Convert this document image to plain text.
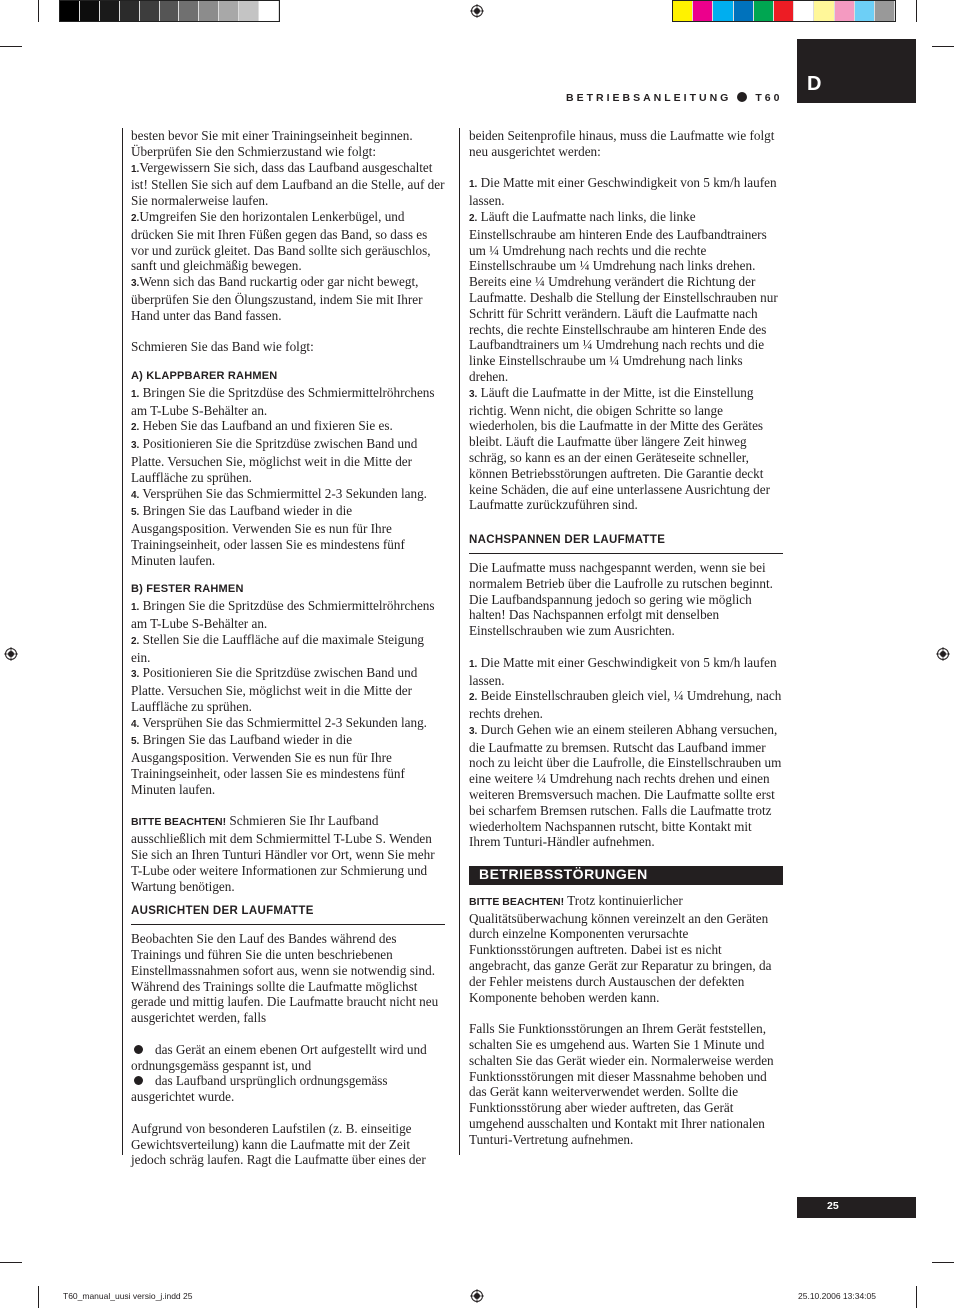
D
BETRIEBSANLEITUNG T60

besten bevor Sie mit einer Trainingseinheit beginnen. Überprüfen Sie den Schmierzustand wie folgt:

1.Vergewissern Sie sich, dass das Laufband ausgeschaltet ist! Stellen Sie sich auf dem Laufband an die Stelle, auf der Sie normalerweise laufen.

2.Umgreifen Sie den horizontalen Lenkerbügel, und drücken Sie mit Ihren Füßen gegen das Band, so dass es vor und zurück gleitet. Das Band sollte sich geräuschlos, sanft und gleichmäßig bewegen.

3.Wenn sich das Band ruckartig oder gar nicht bewegt, überprüfen Sie den Ölungszustand, indem Sie mit Ihrer Hand unter das Band fassen.

Schmieren Sie das Band wie folgt:

A) KLAPPBARER RAHMEN

1. Bringen Sie die Spritzdüse des Schmiermittelröhrchens am T-Lube S-Behälter an.

2. Heben Sie das Laufband an und fixieren Sie es.

3. Positionieren Sie die Spritzdüse zwischen Band und Platte. Versuchen Sie, möglichst weit in die Mitte der Lauffläche zu sprühen.

4. Versprühen Sie das Schmiermittel 2-3 Sekunden lang.

5. Bringen Sie das Laufband wieder in die Ausgangsposition. Verwenden Sie es nun für Ihre Trainingseinheit, oder lassen Sie es mindestens fünf Minuten laufen.

B) FESTER RAHMEN

1. Bringen Sie die Spritzdüse des Schmiermittelröhrchens am T-Lube S-Behälter an.

2. Stellen Sie die Lauffläche auf die maximale Steigung ein.

3. Positionieren Sie die Spritzdüse zwischen Band und Platte. Versuchen Sie, möglichst weit in die Mitte der Lauffläche zu sprühen.

4. Versprühen Sie das Schmiermittel 2-3 Sekunden lang.

5. Bringen Sie das Laufband wieder in die Ausgangsposition. Verwenden Sie es nun für Ihre Trainingseinheit, oder lassen Sie es mindestens fünf Minuten laufen.

BITTE BEACHTEN! Schmieren Sie Ihr Laufband ausschließlich mit dem Schmiermittel T-Lube S. Wenden Sie sich an Ihren Tunturi Händler vor Ort, wenn Sie mehr T-Lube oder weitere Informationen zur Schmierung und Wartung benötigen.

AUSRICHTEN DER LAUFMATTE

Beobachten Sie den Lauf des Bandes während des Trainings und führen Sie die unten beschriebenen Einstellmassnahmen sofort aus, wenn sie notwendig sind. Während des Trainings sollte die Laufmatte möglichst gerade und mittig laufen. Die Laufmatte braucht nicht neu ausgerichtet werden, falls

das Gerät an einem ebenen Ort aufgestellt wird und ordnungsgemäss gespannt ist, und

das Laufband ursprünglich ordnungsgemäss ausgerichtet wurde.

Aufgrund von besonderen Laufstilen (z. B. einseitige Gewichtsverteilung) kann die Laufmatte mit der Zeit jedoch schräg laufen. Ragt die Laufmatte über eines der

beiden Seitenprofile hinaus, muss die Laufmatte wie folgt neu ausgerichtet werden:

1. Die Matte mit einer Geschwindigkeit von 5 km/h laufen lassen.

2. Läuft die Laufmatte nach links, die linke Einstellschraube am hinteren Ende des Laufbandtrainers um ¼ Umdrehung nach rechts und die rechte Einstellschraube um ¼ Umdrehung nach links drehen. Bereits eine ¼ Umdrehung verändert die Richtung der Laufmatte. Deshalb die Stellung der Einstellschrauben nur Schritt für Schritt verändern. Läuft die Laufmatte nach rechts, die rechte Einstellschraube am hinteren Ende des Laufbandtrainers um ¼ Umdrehung nach rechts und die linke Einstellschraube um ¼ Umdrehung nach links drehen.

3. Läuft die Laufmatte in der Mitte, ist die Einstellung richtig. Wenn nicht, die obigen Schritte so lange wiederholen, bis die Laufmatte in der Mitte des Gerätes bleibt. Läuft die Laufmatte über längere Zeit hinweg schräg, so kann es an der einen Geräteseite schneller, können Betriebsstörungen auftreten. Die Garantie deckt keine Schäden, die auf eine unterlassene Ausrichtung der Laufmatte zurückzuführen sind.

NACHSPANNEN DER LAUFMATTE

Die Laufmatte muss nachgespannt werden, wenn sie bei normalem Betrieb über die Laufrolle zu rutschen beginnt. Die Laufbandspannung jedoch so gering wie möglich halten! Das Nachspannen erfolgt mit denselben Einstellschrauben wie zum Ausrichten.

1. Die Matte mit einer Geschwindigkeit von 5 km/h laufen lassen.

2. Beide Einstellschrauben gleich viel, ¼ Umdrehung, nach rechts drehen.

3. Durch Gehen wie an einem steileren Abhang versuchen, die Laufmatte zu bremsen. Rutscht das Laufband immer noch zu leicht über die Laufrolle, die Einstellschrauben um eine weitere ¼ Umdrehung nach rechts drehen und einen weiteren Bremsversuch machen. Die Laufmatte sollte erst bei scharfem Bremsen rutschen. Falls die Laufmatte trotz wiederholtem Nachspannen rutscht, bitte Kontakt mit Ihrem Tunturi-Händler aufnehmen.

BETRIEBSSTÖRUNGEN

BITTE BEACHTEN! Trotz kontinuierlicher Qualitätsüberwachung können vereinzelt an den Geräten durch einzelne Komponenten verursachte Funktionsstörungen auftreten. Dabei ist es nicht angebracht, das ganze Gerät zur Reparatur zu bringen, da der Fehler meistens durch Austauschen der defekten Komponente behoben werden kann.

Falls Sie Funktionsstörungen an Ihrem Gerät feststellen, schalten Sie es umgehend aus. Warten Sie 1 Minute und schalten Sie das Gerät wieder ein. Normalerweise werden Funktionsstörungen mit dieser Massnahme behoben und das Gerät kann weiterverwendet werden. Sollte die Funktionsstörung aber wieder auftreten, das Gerät umgehend ausschalten und Kontakt mit Ihrer nationalen Tunturi-Vertretung aufnehmen.

25
T60_manual_uusi versio_j.indd 25	25.10.2006 13:34:05
